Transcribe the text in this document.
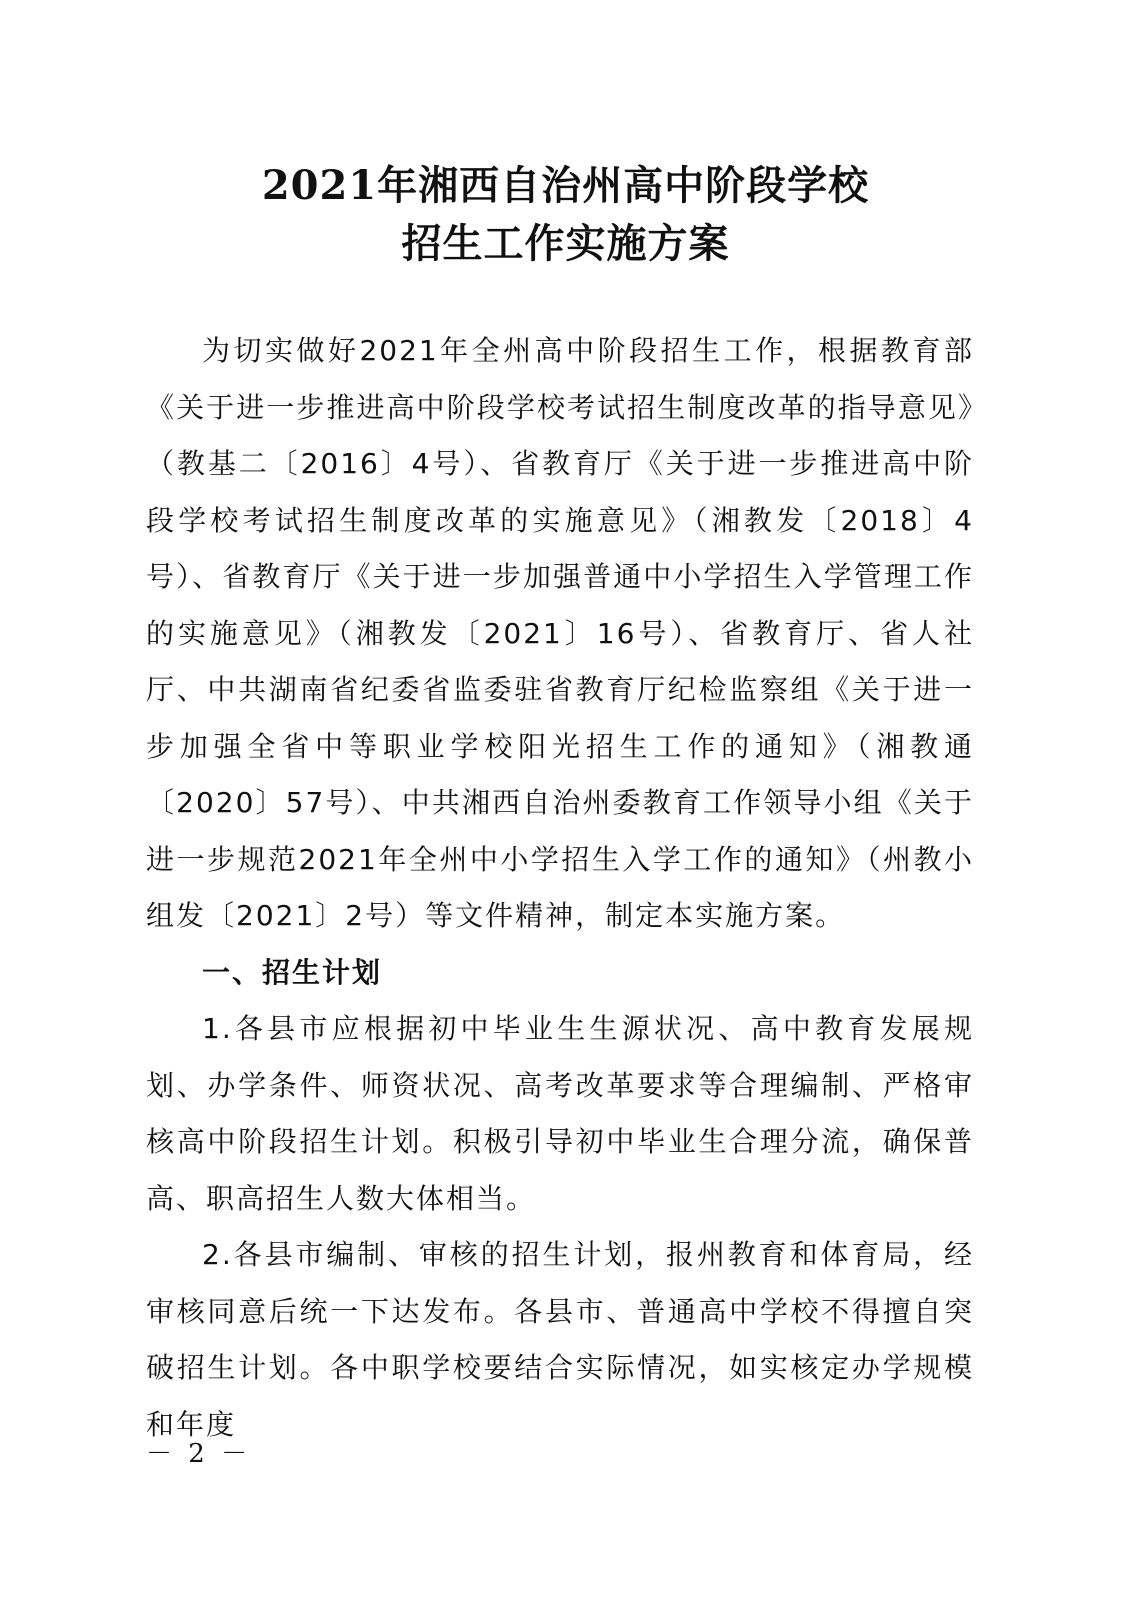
2021年湘西自治州高中阶段学校
招生工作实施方案

为切实做好2021年全州高中阶段招生工作，根据教育部《关于进一步推进高中阶段学校考试招生制度改革的指导意见》（教基二〔2016〕4号）、省教育厅《关于进一步推进高中阶段学校考试招生制度改革的实施意见》（湘教发〔2018〕4号）、省教育厅《关于进一步加强普通中小学招生入学管理工作的实施意见》（湘教发〔2021〕16号）、省教育厅、省人社厅、中共湖南省纪委省监委驻省教育厅纪检监察组《关于进一步加强全省中等职业学校阳光招生工作的通知》（湘教通〔2020〕57号）、中共湘西自治州委教育工作领导小组《关于进一步规范2021年全州中小学招生入学工作的通知》（州教小组发〔2021〕2号）等文件精神，制定本实施方案。

一、招生计划

1.各县市应根据初中毕业生生源状况、高中教育发展规划、办学条件、师资状况、高考改革要求等合理编制、严格审核高中阶段招生计划。积极引导初中毕业生合理分流，确保普高、职高招生人数大体相当。

2.各县市编制、审核的招生计划，报州教育和体育局，经审核同意后统一下达发布。各县市、普通高中学校不得擅自突破招生计划。各中职学校要结合实际情况，如实核定办学规模和年度

－ 2 －
